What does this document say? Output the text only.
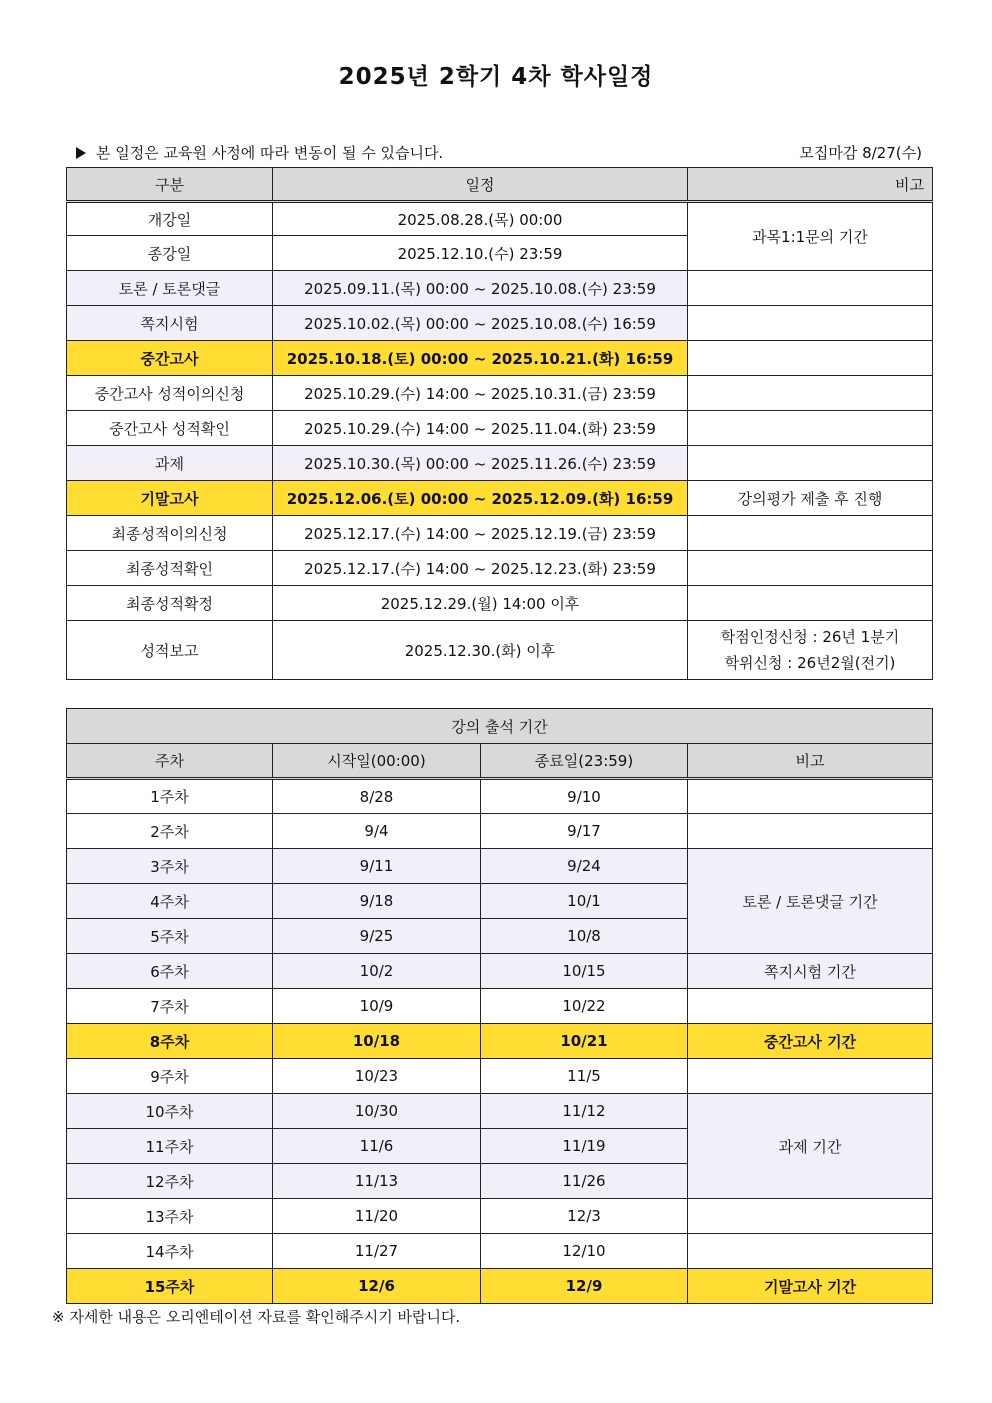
2025년 2학기 4차 학사일정
본 일정은 교육원 사정에 따라 변동이 될 수 있습니다.	모집마감 8/27(수)
구분	일정	비고
개강일	2025.08.28.(목) 00:00	과목1:1문의 기간
종강일	2025.12.10.(수) 23:59	
토론 / 토론댓글	2025.09.11.(목) 00:00 ~ 2025.10.08.(수) 23:59	
쪽지시험	2025.10.02.(목) 00:00 ~ 2025.10.08.(수) 16:59	
중간고사	2025.10.18.(토) 00:00 ~ 2025.10.21.(화) 16:59	
중간고사 성적이의신청	2025.10.29.(수) 14:00 ~ 2025.10.31.(금) 23:59	
중간고사 성적확인	2025.10.29.(수) 14:00 ~ 2025.11.04.(화) 23:59	
과제	2025.10.30.(목) 00:00 ~ 2025.11.26.(수) 23:59	
기말고사	2025.12.06.(토) 00:00 ~ 2025.12.09.(화) 16:59	강의평가 제출 후 진행
최종성적이의신청	2025.12.17.(수) 14:00 ~ 2025.12.19.(금) 23:59	
최종성적확인	2025.12.17.(수) 14:00 ~ 2025.12.23.(화) 23:59	
최종성적확정	2025.12.29.(월) 14:00 이후	
성적보고	2025.12.30.(화) 이후	학점인정신청 : 26년 1분기
학위신청 : 26년2월(전기)
강의 출석 기간			
주차	시작일(00:00)	종료일(23:59)	비고
1주차	8/28	9/10	
2주차	9/4	9/17	
3주차	9/11	9/24	토론 / 토론댓글 기간
4주차	9/18	10/1	
5주차	9/25	10/8	
6주차	10/2	10/15	쪽지시험 기간
7주차	10/9	10/22	
8주차	10/18	10/21	중간고사 기간
9주차	10/23	11/5	
10주차	10/30	11/12	과제 기간
11주차	11/6	11/19	
12주차	11/13	11/26	
13주차	11/20	12/3	
14주차	11/27	12/10	
15주차	12/6	12/9	기말고사 기간
※ 자세한 내용은 오리엔테이션 자료를 확인해주시기 바랍니다.
